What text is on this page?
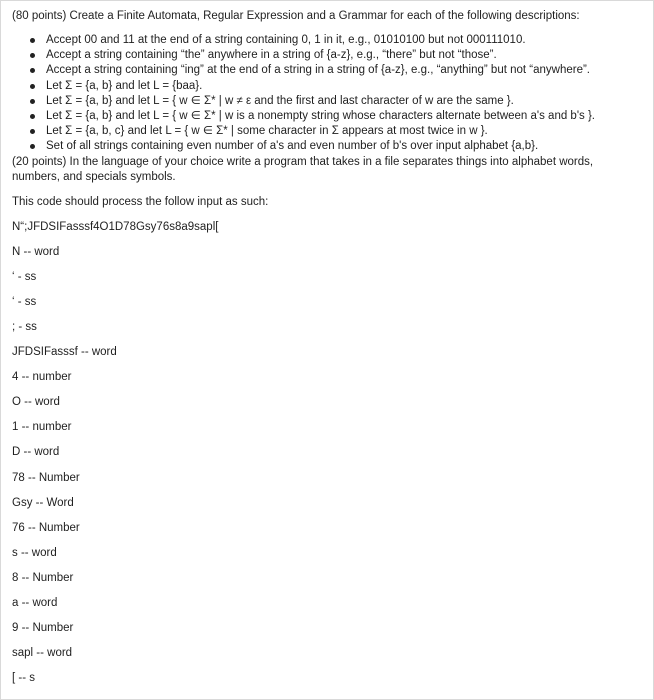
(80 points) Create a Finite Automata, Regular Expression and a Grammar for each of the following descriptions:

Accept 00 and 11 at the end of a string containing 0, 1 in it, e.g., 01010100 but not 000111010.
Accept a string containing “the” anywhere in a string of {a-z}, e.g., “there” but not “those”.
Accept a string containing “ing” at the end of a string in a string of {a-z}, e.g., “anything” but not “anywhere”.
Let Σ = {a, b} and let L = {baa}.
Let Σ = {a, b} and let L = { w ∈ Σ* | w ≠ ε and the first and last character of w are the same }.
Let Σ = {a, b} and let L = { w ∈ Σ* | w is a nonempty string whose characters alternate between a's and b's }.
Let Σ = {a, b, c} and let L = { w ∈ Σ* | some character in Σ appears at most twice in w }.
Set of all strings containing even number of a's and even number of b's over input alphabet {a,b}.

(20 points) In the language of your choice write a program that takes in a file separates things into alphabet words, numbers, and specials symbols.

This code should process the follow input as such:

N“;JFDSIFasssf4O1D78Gsy76s8a9sapl[
N -- word
‘ - ss
‘ - ss
; - ss
JFDSIFasssf -- word
4 -- number
O -- word
1 -- number
D -- word
78 -- Number
Gsy -- Word
76 -- Number
s -- word
8 -- Number
a -- word
9 -- Number
sapl -- word
[ -- s
